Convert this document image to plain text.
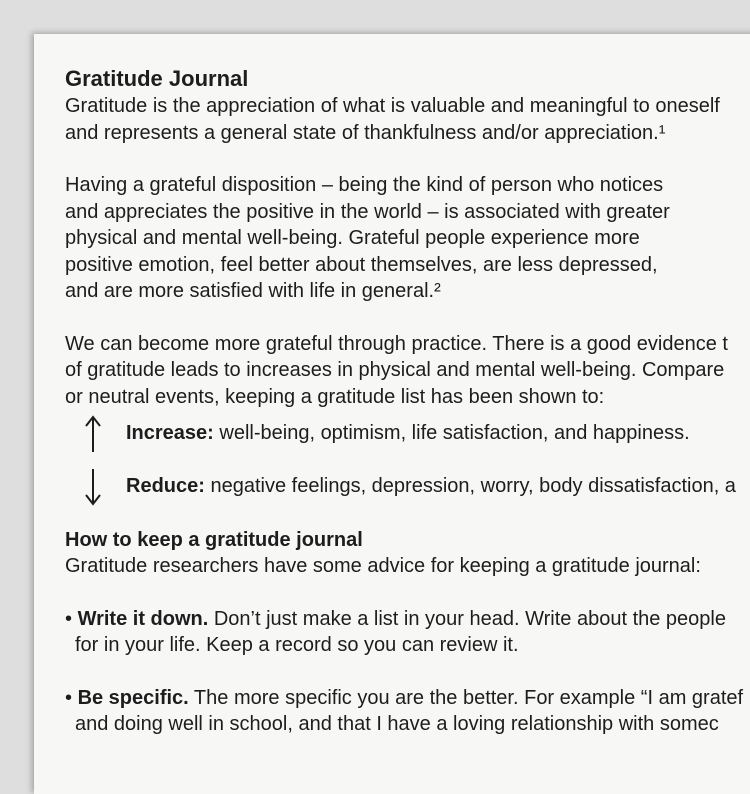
Gratitude Journal
Gratitude is the appreciation of what is valuable and meaningful to oneself
and represents a general state of thankfulness and/or appreciation.¹
Having a grateful disposition – being the kind of person who notices
and appreciates the positive in the world – is associated with greater
physical and mental well-being. Grateful people experience more
positive emotion, feel better about themselves, are less depressed,
and are more satisfied with life in general.²
We can become more grateful through practice. There is a good evidence t
of gratitude leads to increases in physical and mental well-being. Compare
or neutral events, keeping a gratitude list has been shown to:
Increase: well-being, optimism, life satisfaction, and happiness.
Reduce: negative feelings, depression, worry, body dissatisfaction, a
How to keep a gratitude journal
Gratitude researchers have some advice for keeping a gratitude journal:
• Write it down. Don’t just make a list in your head. Write about the people
for in your life. Keep a record so you can review it.
• Be specific. The more specific you are the better. For example “I am gratef
and doing well in school, and that I have a loving relationship with somec
